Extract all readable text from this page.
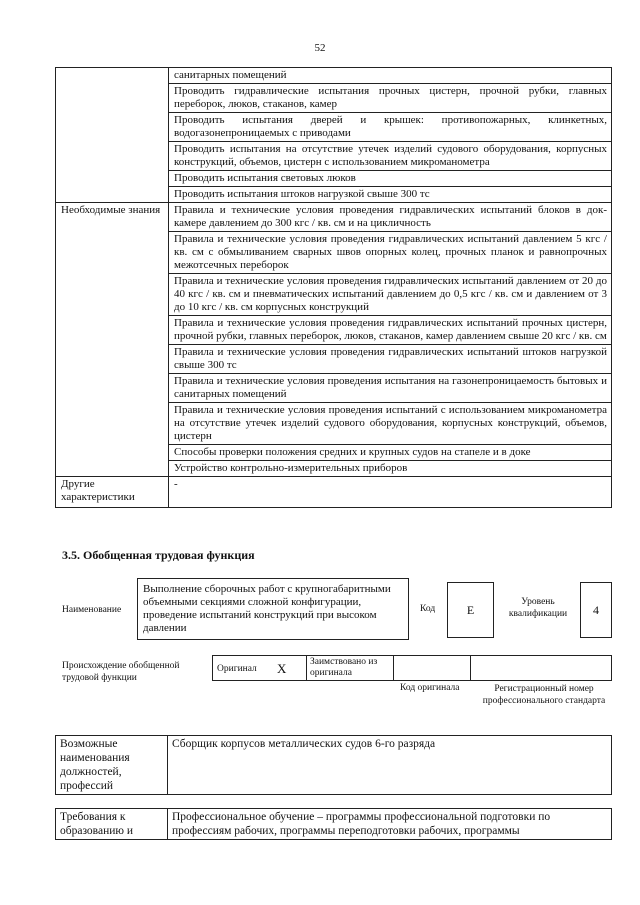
52
	санитарных помещений
	Проводить гидравлические испытания прочных цистерн, прочной рубки, главных переборок, люков, стаканов, камер
	Проводить испытания дверей и крышек: противопожарных, клинкетных, водогазонепроницаемых с приводами
	Проводить испытания на отсутствие утечек изделий судового оборудования, корпусных конструкций, объемов, цистерн с использованием микроманометра
	Проводить испытания световых люков
	Проводить испытания штоков нагрузкой свыше 300 тс
Необходимые знания	Правила и технические условия проведения гидравлических испытаний блоков в док-камере давлением до 300 кгс / кв. см и на цикличность
	Правила и технические условия проведения гидравлических испытаний давлением 5 кгс / кв. см с обмыливанием сварных швов опорных колец, прочных планок и равнопрочных межотсечных переборок
	Правила и технические условия проведения гидравлических испытаний давлением от 20 до 40 кгс / кв. см и пневматических испытаний давлением до 0,5 кгс / кв. см и давлением от 3 до 10 кгс / кв. см корпусных конструкций
	Правила и технические условия проведения гидравлических испытаний прочных цистерн, прочной рубки, главных переборок, люков, стаканов, камер давлением свыше 20 кгс / кв. см
	Правила и технические условия проведения гидравлических испытаний штоков нагрузкой свыше 300 тс
	Правила и технические условия проведения испытания на газонепроницаемость бытовых и санитарных помещений
	Правила и технические условия проведения испытаний с использованием микроманометра на отсутствие утечек изделий судового оборудования, корпусных конструкций, объемов, цистерн
	Способы проверки положения средних и крупных судов на стапеле и в доке
	Устройство контрольно-измерительных приборов
Другие характеристики	-
3.5. Обобщенная трудовая функция
Наименование
Выполнение сборочных работ с крупногабаритными объемными секциями сложной конфигурации, проведение испытаний конструкций при высоком давлении
Код	E
Уровень квалификации	4
Происхождение обобщенной трудовой функции
Оригинал X Заимствовано из оригинала
Код оригинала	Регистрационный номер профессионального стандарта
Возможные наименования должностей, профессий	Сборщик корпусов металлических судов 6-го разряда
Требования к образованию и	Профессиональное обучение – программы профессиональной подготовки по профессиям рабочих, программы переподготовки рабочих, программы
